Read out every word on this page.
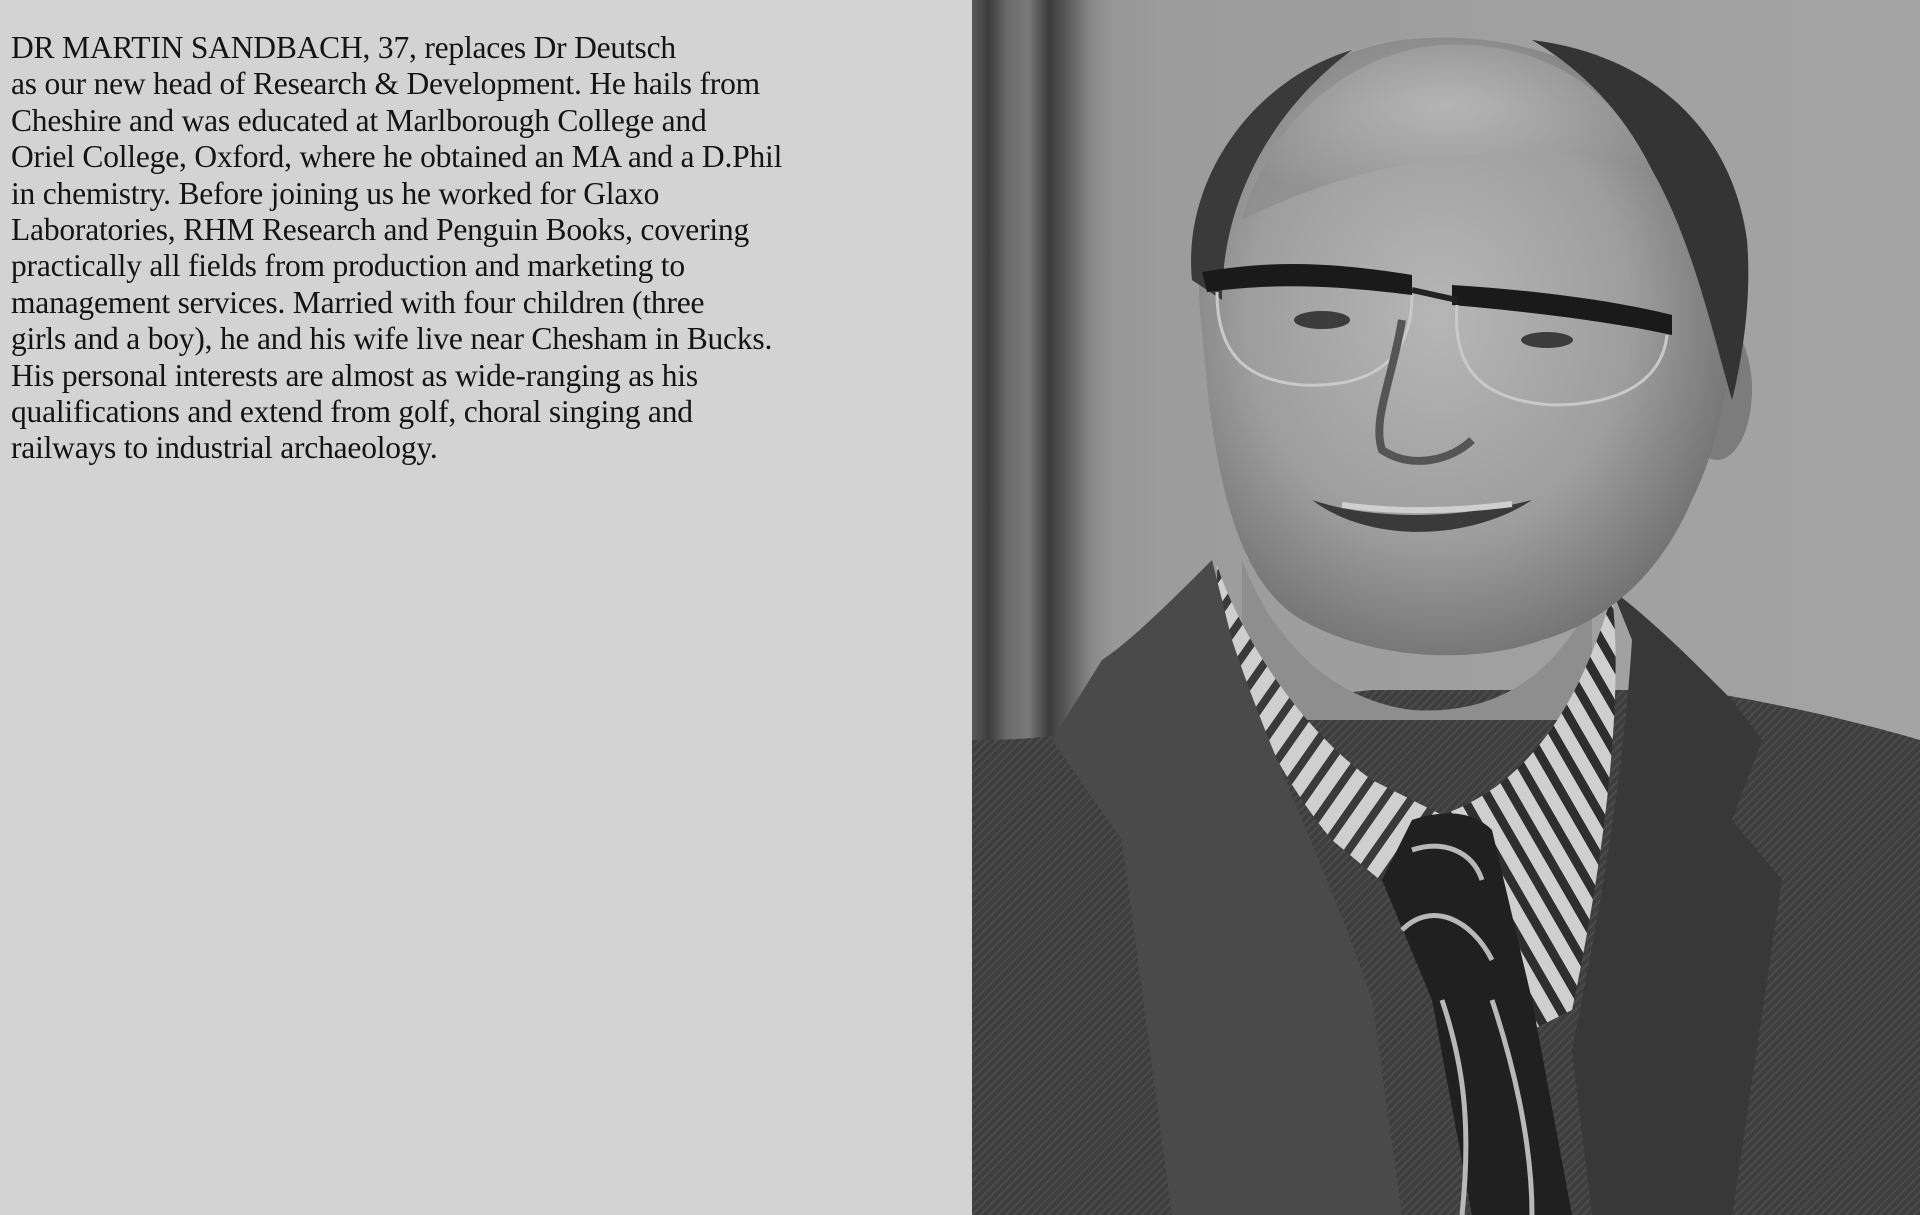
DR MARTIN SANDBACH, 37, replaces Dr Deutsch
as our new head of Research & Development. He hails from
Cheshire and was educated at Marlborough College and
Oriel College, Oxford, where he obtained an MA and a D.Phil
in chemistry. Before joining us he worked for Glaxo
Laboratories, RHM Research and Penguin Books, covering
practically all fields from production and marketing to
management services. Married with four children (three
girls and a boy), he and his wife live near Chesham in Bucks.
His personal interests are almost as wide-ranging as his
qualifications and extend from golf, choral singing and
railways to industrial archaeology.
